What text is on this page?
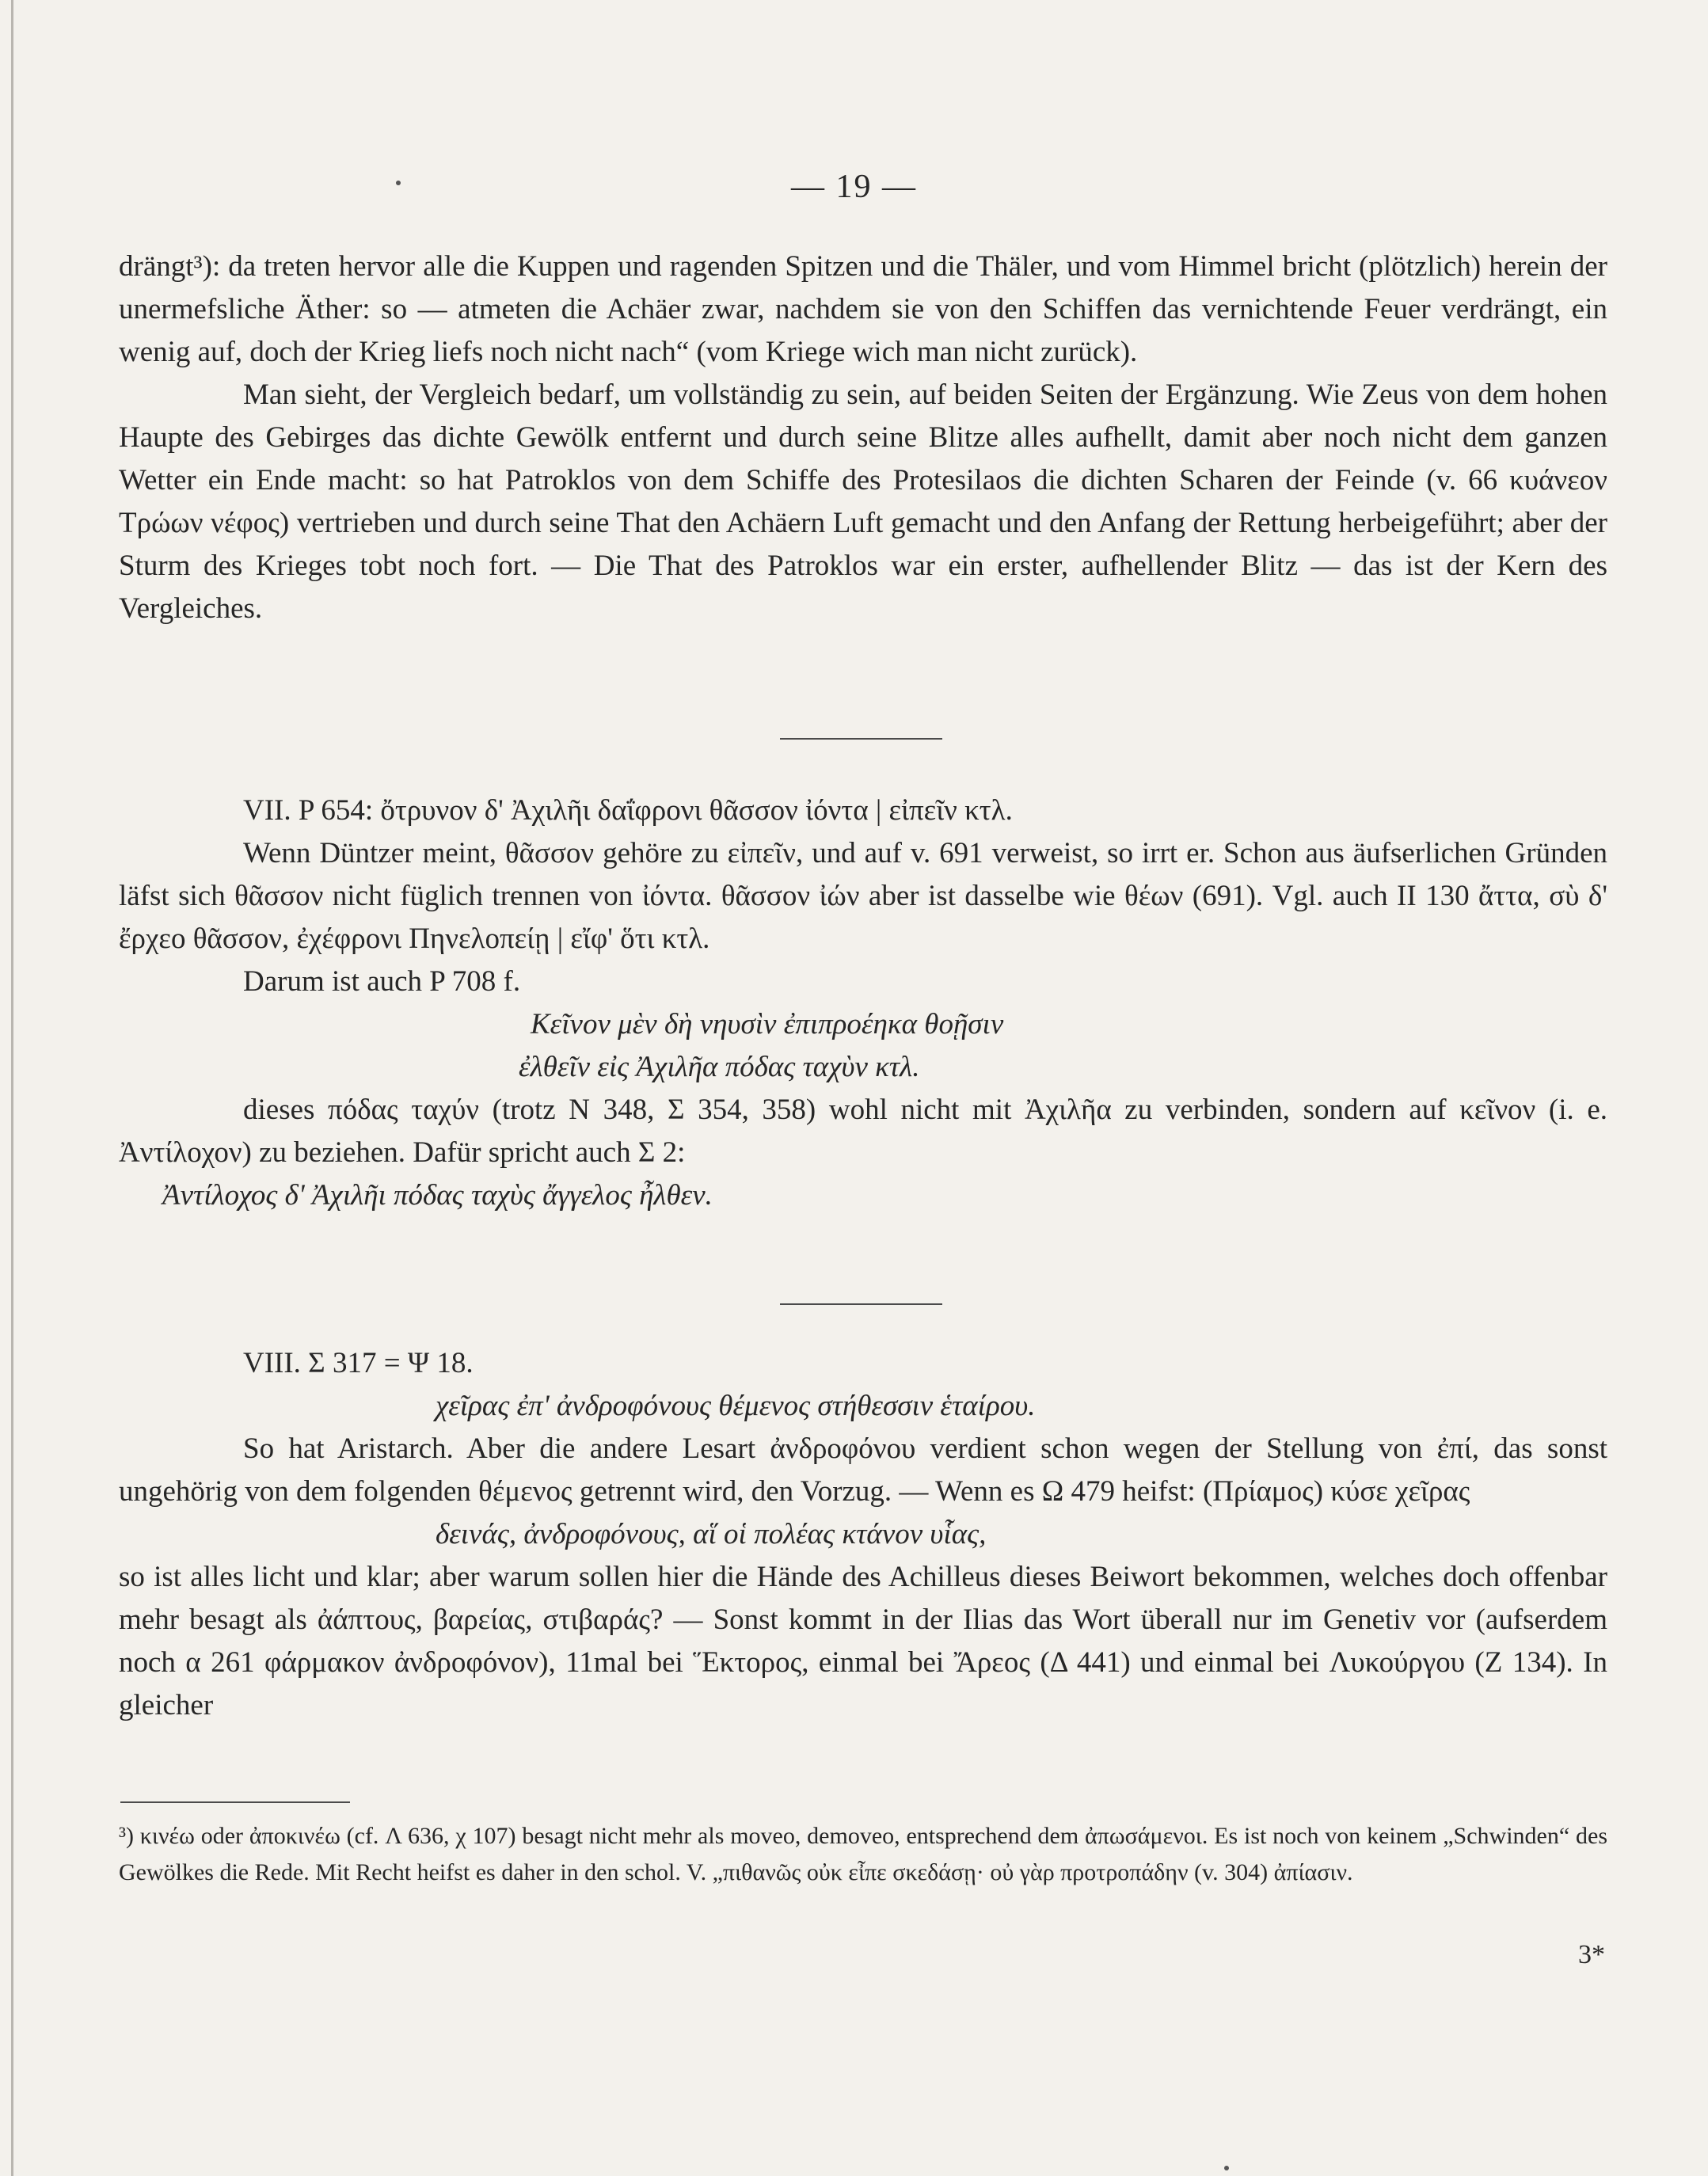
— 19 —

drängt³): da treten hervor alle die Kuppen und ragenden Spitzen und die Thäler, und vom Himmel bricht (plötzlich) herein der unermefsliche Äther: so — atmeten die Achäer zwar, nachdem sie von den Schiffen das vernichtende Feuer verdrängt, ein wenig auf, doch der Krieg liefs noch nicht nach“ (vom Kriege wich man nicht zurück).

Man sieht, der Vergleich bedarf, um vollständig zu sein, auf beiden Seiten der Ergänzung. Wie Zeus von dem hohen Haupte des Gebirges das dichte Gewölk entfernt und durch seine Blitze alles aufhellt, damit aber noch nicht dem ganzen Wetter ein Ende macht: so hat Patroklos von dem Schiffe des Protesilaos die dichten Scharen der Feinde (v. 66 κυάνεον Τρώων νέφος) vertrieben und durch seine That den Achäern Luft gemacht und den Anfang der Rettung herbeigeführt; aber der Sturm des Krieges tobt noch fort. — Die That des Patroklos war ein erster, aufhellender Blitz — das ist der Kern des Vergleiches.

VII. P 654: ὄτρυνον δ' Ἀχιλῆι δαΐφρονι θᾶσσον ἰόντα | εἰπεῖν κτλ.

Wenn Düntzer meint, θᾶσσον gehöre zu εἰπεῖν, und auf v. 691 verweist, so irrt er. Schon aus äufserlichen Gründen läfst sich θᾶσσον nicht füglich trennen von ἰόντα. θᾶσσον ἰών aber ist dasselbe wie θέων (691). Vgl. auch II 130 ἄττα, σὺ δ' ἔρχεο θᾶσσον, ἐχέφρονι Πηνελοπείῃ | εἴφ' ὅτι κτλ.

Darum ist auch P 708 f.

Κεῖνον μὲν δὴ νηυσὶν ἐπιπροέηκα θοῇσιν

ἐλθεῖν εἰς Ἀχιλῆα πόδας ταχὺν κτλ.

dieses πόδας ταχύν (trotz N 348, Σ 354, 358) wohl nicht mit Ἀχιλῆα zu verbinden, sondern auf κεῖνον (i. e. Ἀντίλοχον) zu beziehen. Dafür spricht auch Σ 2:

Ἀντίλοχος δ' Ἀχιλῆι πόδας ταχὺς ἄγγελος ἦλθεν.

VIII. Σ 317 = Ψ 18.

χεῖρας ἐπ' ἀνδροφόνους θέμενος στήθεσσιν ἑταίρου.

So hat Aristarch. Aber die andere Lesart ἀνδροφόνου verdient schon wegen der Stellung von ἐπί, das sonst ungehörig von dem folgenden θέμενος getrennt wird, den Vorzug. — Wenn es Ω 479 heifst: (Πρίαμος) κύσε χεῖρας

δεινάς, ἀνδροφόνους, αἵ οἱ πολέας κτάνον υἷας,

so ist alles licht und klar; aber warum sollen hier die Hände des Achilleus dieses Beiwort bekommen, welches doch offenbar mehr besagt als ἀάπτους, βαρείας, στιβαράς? — Sonst kommt in der Ilias das Wort überall nur im Genetiv vor (aufserdem noch α 261 φάρμακον ἀνδροφόνον), 11mal bei Ἕκτορος, einmal bei Ἄρεος (Δ 441) und einmal bei Λυκούργου (Ζ 134). In gleicher

³) κινέω oder ἀποκινέω (cf. Λ 636, χ 107) besagt nicht mehr als moveo, demoveo, entsprechend dem ἀπωσάμενοι. Es ist noch von keinem „Schwinden“ des Gewölkes die Rede. Mit Recht heifst es daher in den schol. V. „πιθανῶς οὐκ εἶπε σκεδάσῃ· οὐ γὰρ προτροπάδην (v. 304) ἀπίασιν.

3*
